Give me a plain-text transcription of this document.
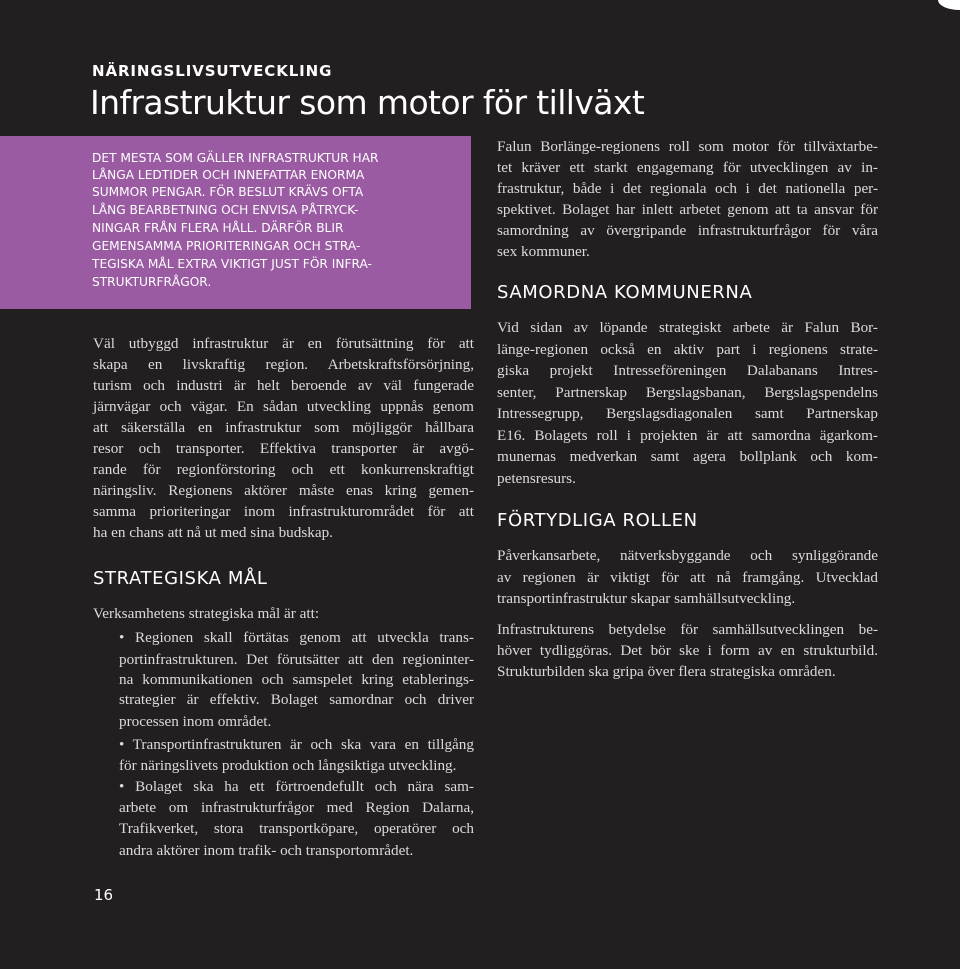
NÄRINGSLIVSUTVECKLING
Infrastruktur som motor för tillväxt
DET MESTA SOM GÄLLER INFRASTRUKTUR HAR
LÅNGA LEDTIDER OCH INNEFATTAR ENORMA
SUMMOR PENGAR. FÖR BESLUT KRÄVS OFTA
LÅNG BEARBETNING OCH ENVISA PÅTRYCK-
NINGAR FRÅN FLERA HÅLL. DÄRFÖR BLIR
GEMENSAMMA PRIORITERINGAR OCH STRA-
TEGISKA MÅL EXTRA VIKTIGT JUST FÖR INFRA-
STRUKTURFRÅGOR.
Väl utbyggd infrastruktur är en förutsättning för att
skapa en livskraftig region. Arbetskraftsförsörjning,
turism och industri är helt beroende av väl fungerade
järnvägar och vägar. En sådan utveckling uppnås genom
att säkerställa en infrastruktur som möjliggör hållbara
resor och transporter. Effektiva transporter är avgö-
rande för regionförstoring och ett konkurrenskraftigt
näringsliv. Regionens aktörer måste enas kring gemen-
samma prioriteringar inom infrastrukturområdet för att
ha en chans att nå ut med sina budskap.
STRATEGISKA MÅL
Verksamhetens strategiska mål är att:
• Regionen skall förtätas genom att utveckla trans-
portinfrastrukturen. Det förutsätter att den regioninter-
na kommunikationen och samspelet kring etablerings-
strategier är effektiv. Bolaget samordnar och driver
processen inom området.
• Transportinfrastrukturen är och ska vara en tillgång
för näringslivets produktion och långsiktiga utveckling.
• Bolaget ska ha ett förtroendefullt och nära sam-
arbete om infrastrukturfrågor med Region Dalarna,
Trafikverket, stora transportköpare, operatörer och
andra aktörer inom trafik- och transportområdet.
Falun Borlänge-regionens roll som motor för tillväxtarbe-
tet kräver ett starkt engagemang för utvecklingen av in-
frastruktur, både i det regionala och i det nationella per-
spektivet. Bolaget har inlett arbetet genom att ta ansvar för
samordning av övergripande infrastrukturfrågor för våra
sex kommuner.
SAMORDNA KOMMUNERNA
Vid sidan av löpande strategiskt arbete är Falun Bor-
länge-regionen också en aktiv part i regionens strate-
giska projekt Intresseföreningen Dalabanans Intres-
senter, Partnerskap Bergslagsbanan, Bergslagspendelns
Intressegrupp, Bergslagsdiagonalen samt Partnerskap
E16. Bolagets roll i projekten är att samordna ägarkom-
munernas medverkan samt agera bollplank och kom-
petensresurs.
FÖRTYDLIGA ROLLEN
Påverkansarbete, nätverksbyggande och synliggörande
av regionen är viktigt för att nå framgång. Utvecklad
transportinfrastruktur skapar samhällsutveckling.
Infrastrukturens betydelse för samhällsutvecklingen be-
höver tydliggöras. Det bör ske i form av en strukturbild.
Strukturbilden ska gripa över flera strategiska områden.
16
